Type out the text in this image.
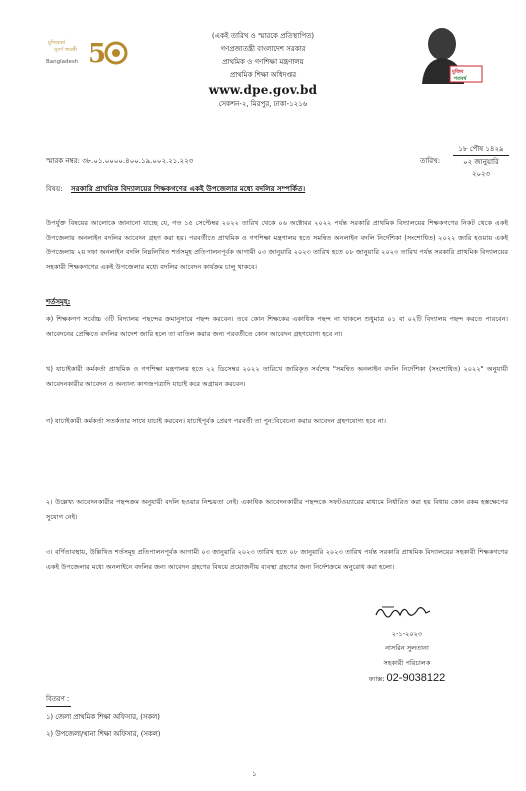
মুজিববর্ষ
সুবর্ণ জয়ন্তী
Bangladesh 5
(একই তারিখ ও স্মারকে প্রতিস্থাপিত)
গণপ্রজাতন্ত্রী বাংলাদেশ সরকার
প্রাথমিক ও গণশিক্ষা মন্ত্রণালয়
প্রাথমিক শিক্ষা অধিদপ্তর
www.dpe.gov.bd
সেকশন-২, মিরপুর, ঢাকা-১২১৬
মুজিব
শতবর্ষ
স্মারক নম্বর: ৩৮.০১.০০০০.৪০০.১৯.০০২.২১.২২৩	তারিখ:
১৮ পৌষ ১৪২৯
০২ জানুয়ারি ২০২৩
বিষয়: সরকারি প্রাথমিক বিদ্যালয়ের শিক্ষকগণের একই উপজেলার মধ্যে বদলির সম্পর্কিত।
উপর্যুক্ত বিষয়ের আলোকে জানানো যাচ্ছে যে, গত ১৫ সেপ্টেম্বর ২০২২ তারিখ থেকে ০৬ অক্টোবর ২০২২ পর্যন্ত সরকারি প্রাথমিক বিদ্যালয়ের শিক্ষকগণের নিকট থেকে একই উপজেলায় অনলাইন বদলির আবেদন গ্রহণ করা হয়। পরবর্তীতে প্রাথমিক ও গণশিক্ষা মন্ত্রণালয় হতে সমন্বিত অনলাইন বদলি নির্দেশিকা (সংশোধিত) ২০২২ জারি হওয়ায় একই উপজেলায় ২য় দফা অনলাইন বদলি নিম্নলিখিত শর্তসমূহ প্রতিপালনপূর্বক আগামী ০৩ জানুয়ারি ২০২৩ তারিখ হতে ০৮ জানুয়ারি ২০২৩ তারিখ পর্যন্ত সরকারি প্রাথমিক বিদ্যালয়ের সহকারী শিক্ষকগণের একই উপজেলার মধ্যে বদলির আবেদন কার্যক্রম চালু থাকবে।
শর্তসমূহ:
ক) শিক্ষকগণ সর্বোচ্চ ৩টি বিদ্যালয় পছন্দের ক্রমানুসারে পছন্দ করবেন। তবে কোন শিক্ষকের একাধিক পছন্দ না থাকলে শুধুমাত্র ০১ বা ০২টি বিদ্যালয় পছন্দ করতে পারবেন। আবেদনের প্রেক্ষিতে বদলির আদেশ জারি হলে তা বাতিল করার জন্য পরবর্তীতে কোন আবেদন গ্রহণযোগ্য হবে না।
খ) যাচাইকারী কর্মকর্তা প্রাথমিক ও গণশিক্ষা মন্ত্রণালয় হতে ২২ ডিসেম্বর ২০২২ তারিখে জারিকৃত সর্বশেষ "সমন্বিত অনলাইন বদলি নির্দেশিকা (সংশোধিত) ২০২২" অনুযায়ী আবেদনকারীর আবেদন ও অন্যান্য কাগজপত্রাদি যাচাই করে অগ্রায়ন করবেন।
গ) যাচাইকারী কর্মকর্তা সতর্কতার সাথে যাচাই করবেন। যাচাইপূর্বক প্রেরণ পরবর্তী তা পুন:বিবেচনা করার আবেদন গ্রহণযোগ্য হবে না।
২। উল্লেখ্য আবেদনকারীর পছন্দক্রম অনুযায়ী বদলি হওয়ার নিশ্চয়তা নেই। একাধিক আবেদনকারীর পছন্দকে সফটওয়্যারের মাধ্যমে নির্ধারিত করা হয় বিধায় কোন রকম হস্তক্ষেপের সুযোগ নেই।
৩। বর্ণিতাবস্থায়, উল্লিখিত শর্তসমূহ প্রতিপালনপূর্বক আগামী ০৩ জানুয়ারি ২০২৩ তারিখ হতে ০৮ জানুয়ারি ২০২৩ তারিখ পর্যন্ত সরকারি প্রাথমিক বিদ্যালয়ের সহকারী শিক্ষকগণের একই উপজেলার মধ্যে অনলাইনে বদলির জন্য আবেদন গ্রহণের বিষয়ে প্রয়োজনীয় ব্যবস্থা গ্রহণের জন্য নির্দেশক্রমে অনুরোধ করা হলো।
২-১-২০২৩
নাসরিন সুলতানা
সহকারী পরিচালক
ফ্যাক্স: 02-9038122
বিতরণ :
১) জেলা প্রাথমিক শিক্ষা অফিসার, (সকল)
২) উপজেলা/থানা শিক্ষা অফিসার, (সকল)
১
